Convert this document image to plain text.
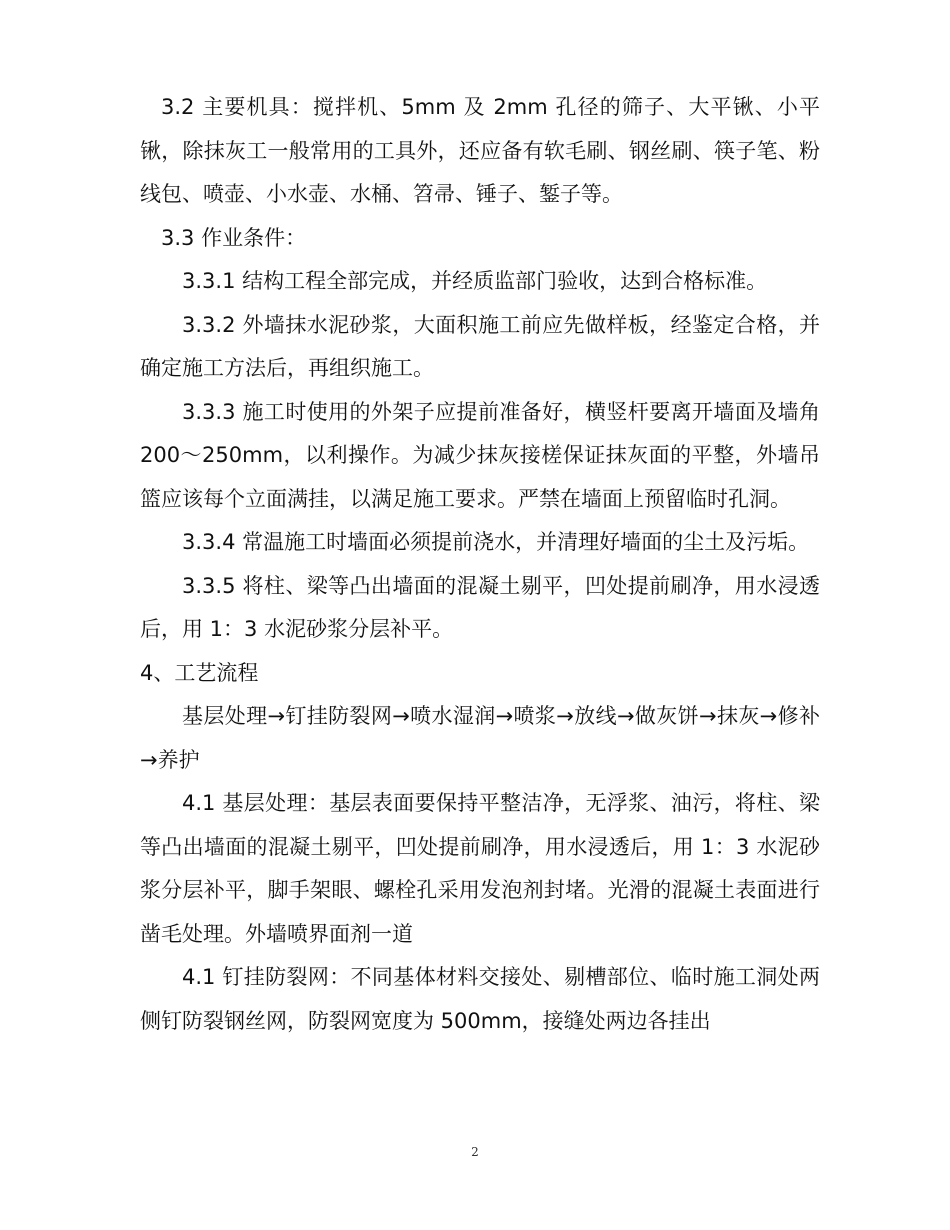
3.2 主要机具：搅拌机、5mm 及 2mm 孔径的筛子、大平锹、小平锹，除抹灰工一般常用的工具外，还应备有软毛刷、钢丝刷、筷子笔、粉线包、喷壶、小水壶、水桶、笤帚、锤子、錾子等。

3.3 作业条件：

3.3.1 结构工程全部完成，并经质监部门验收，达到合格标准。

3.3.2 外墙抹水泥砂浆，大面积施工前应先做样板，经鉴定合格，并确定施工方法后，再组织施工。

3.3.3 施工时使用的外架子应提前准备好，横竖杆要离开墙面及墙角 200～250mm，以利操作。为减少抹灰接槎保证抹灰面的平整，外墙吊篮应该每个立面满挂，以满足施工要求。严禁在墙面上预留临时孔洞。

3.3.4 常温施工时墙面必须提前浇水，并清理好墙面的尘土及污垢。

3.3.5 将柱、梁等凸出墙面的混凝土剔平，凹处提前刷净，用水浸透后，用 1：3 水泥砂浆分层补平。

4、工艺流程

基层处理→钉挂防裂网→喷水湿润→喷浆→放线→做灰饼→抹灰→修补→养护

4.1 基层处理：基层表面要保持平整洁净，无浮浆、油污，将柱、梁等凸出墙面的混凝土剔平，凹处提前刷净，用水浸透后，用 1：3 水泥砂浆分层补平，脚手架眼、螺栓孔采用发泡剂封堵。光滑的混凝土表面进行凿毛处理。外墙喷界面剂一道

4.1 钉挂防裂网：不同基体材料交接处、剔槽部位、临时施工洞处两侧钉防裂钢丝网，防裂网宽度为 500mm，接缝处两边各挂出

2
